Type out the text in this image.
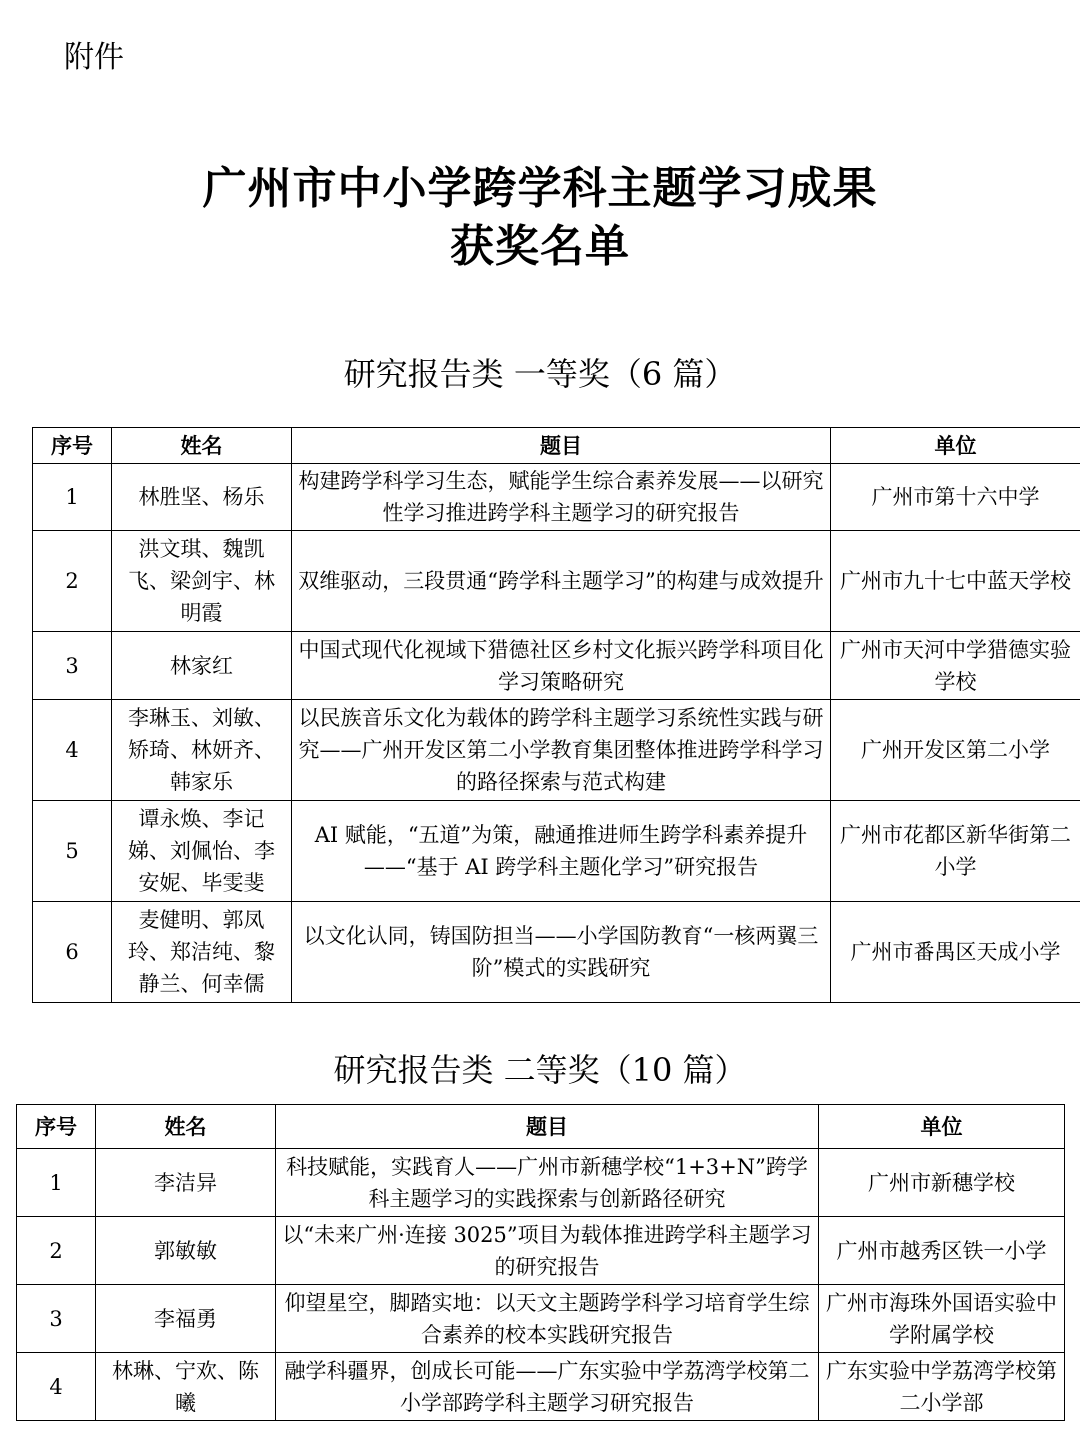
附件
广州市中小学跨学科主题学习成果
获奖名单
研究报告类 一等奖（6 篇）
序号	姓名	题目	单位
1	林胜坚、杨乐	构建跨学科学习生态，赋能学生综合素养发展——以研究性学习推进跨学科主题学习的研究报告	广州市第十六中学
2	洪文琪、魏凯飞、梁剑宇、林明霞	双维驱动，三段贯通“跨学科主题学习”的构建与成效提升	广州市九十七中蓝天学校
3	林家红	中国式现代化视域下猎德社区乡村文化振兴跨学科项目化学习策略研究	广州市天河中学猎德实验学校
4	李琳玉、刘敏、矫琦、林妍齐、韩家乐	以民族音乐文化为载体的跨学科主题学习系统性实践与研究——广州开发区第二小学教育集团整体推进跨学科学习的路径探索与范式构建	广州开发区第二小学
5	谭永焕、李记娣、刘佩怡、李安妮、毕雯斐	AI 赋能，“五道”为策，融通推进师生跨学科素养提升——“基于 AI 跨学科主题化学习”研究报告	广州市花都区新华街第二小学
6	麦健明、郭凤玲、郑洁纯、黎静兰、何幸儒	以文化认同，铸国防担当——小学国防教育“一核两翼三阶”模式的实践研究	广州市番禺区天成小学
研究报告类 二等奖（10 篇）
序号	姓名	题目	单位
1	李洁异	科技赋能，实践育人——广州市新穗学校“1+3+N”跨学科主题学习的实践探索与创新路径研究	广州市新穗学校
2	郭敏敏	以“未来广州·连接 3025”项目为载体推进跨学科主题学习的研究报告	广州市越秀区铁一小学
3	李福勇	仰望星空，脚踏实地：以天文主题跨学科学习培育学生综合素养的校本实践研究报告	广州市海珠外国语实验中学附属学校
4	林琳、宁欢、陈曦	融学科疆界，创成长可能——广东实验中学荔湾学校第二小学部跨学科主题学习研究报告	广东实验中学荔湾学校第二小学部
